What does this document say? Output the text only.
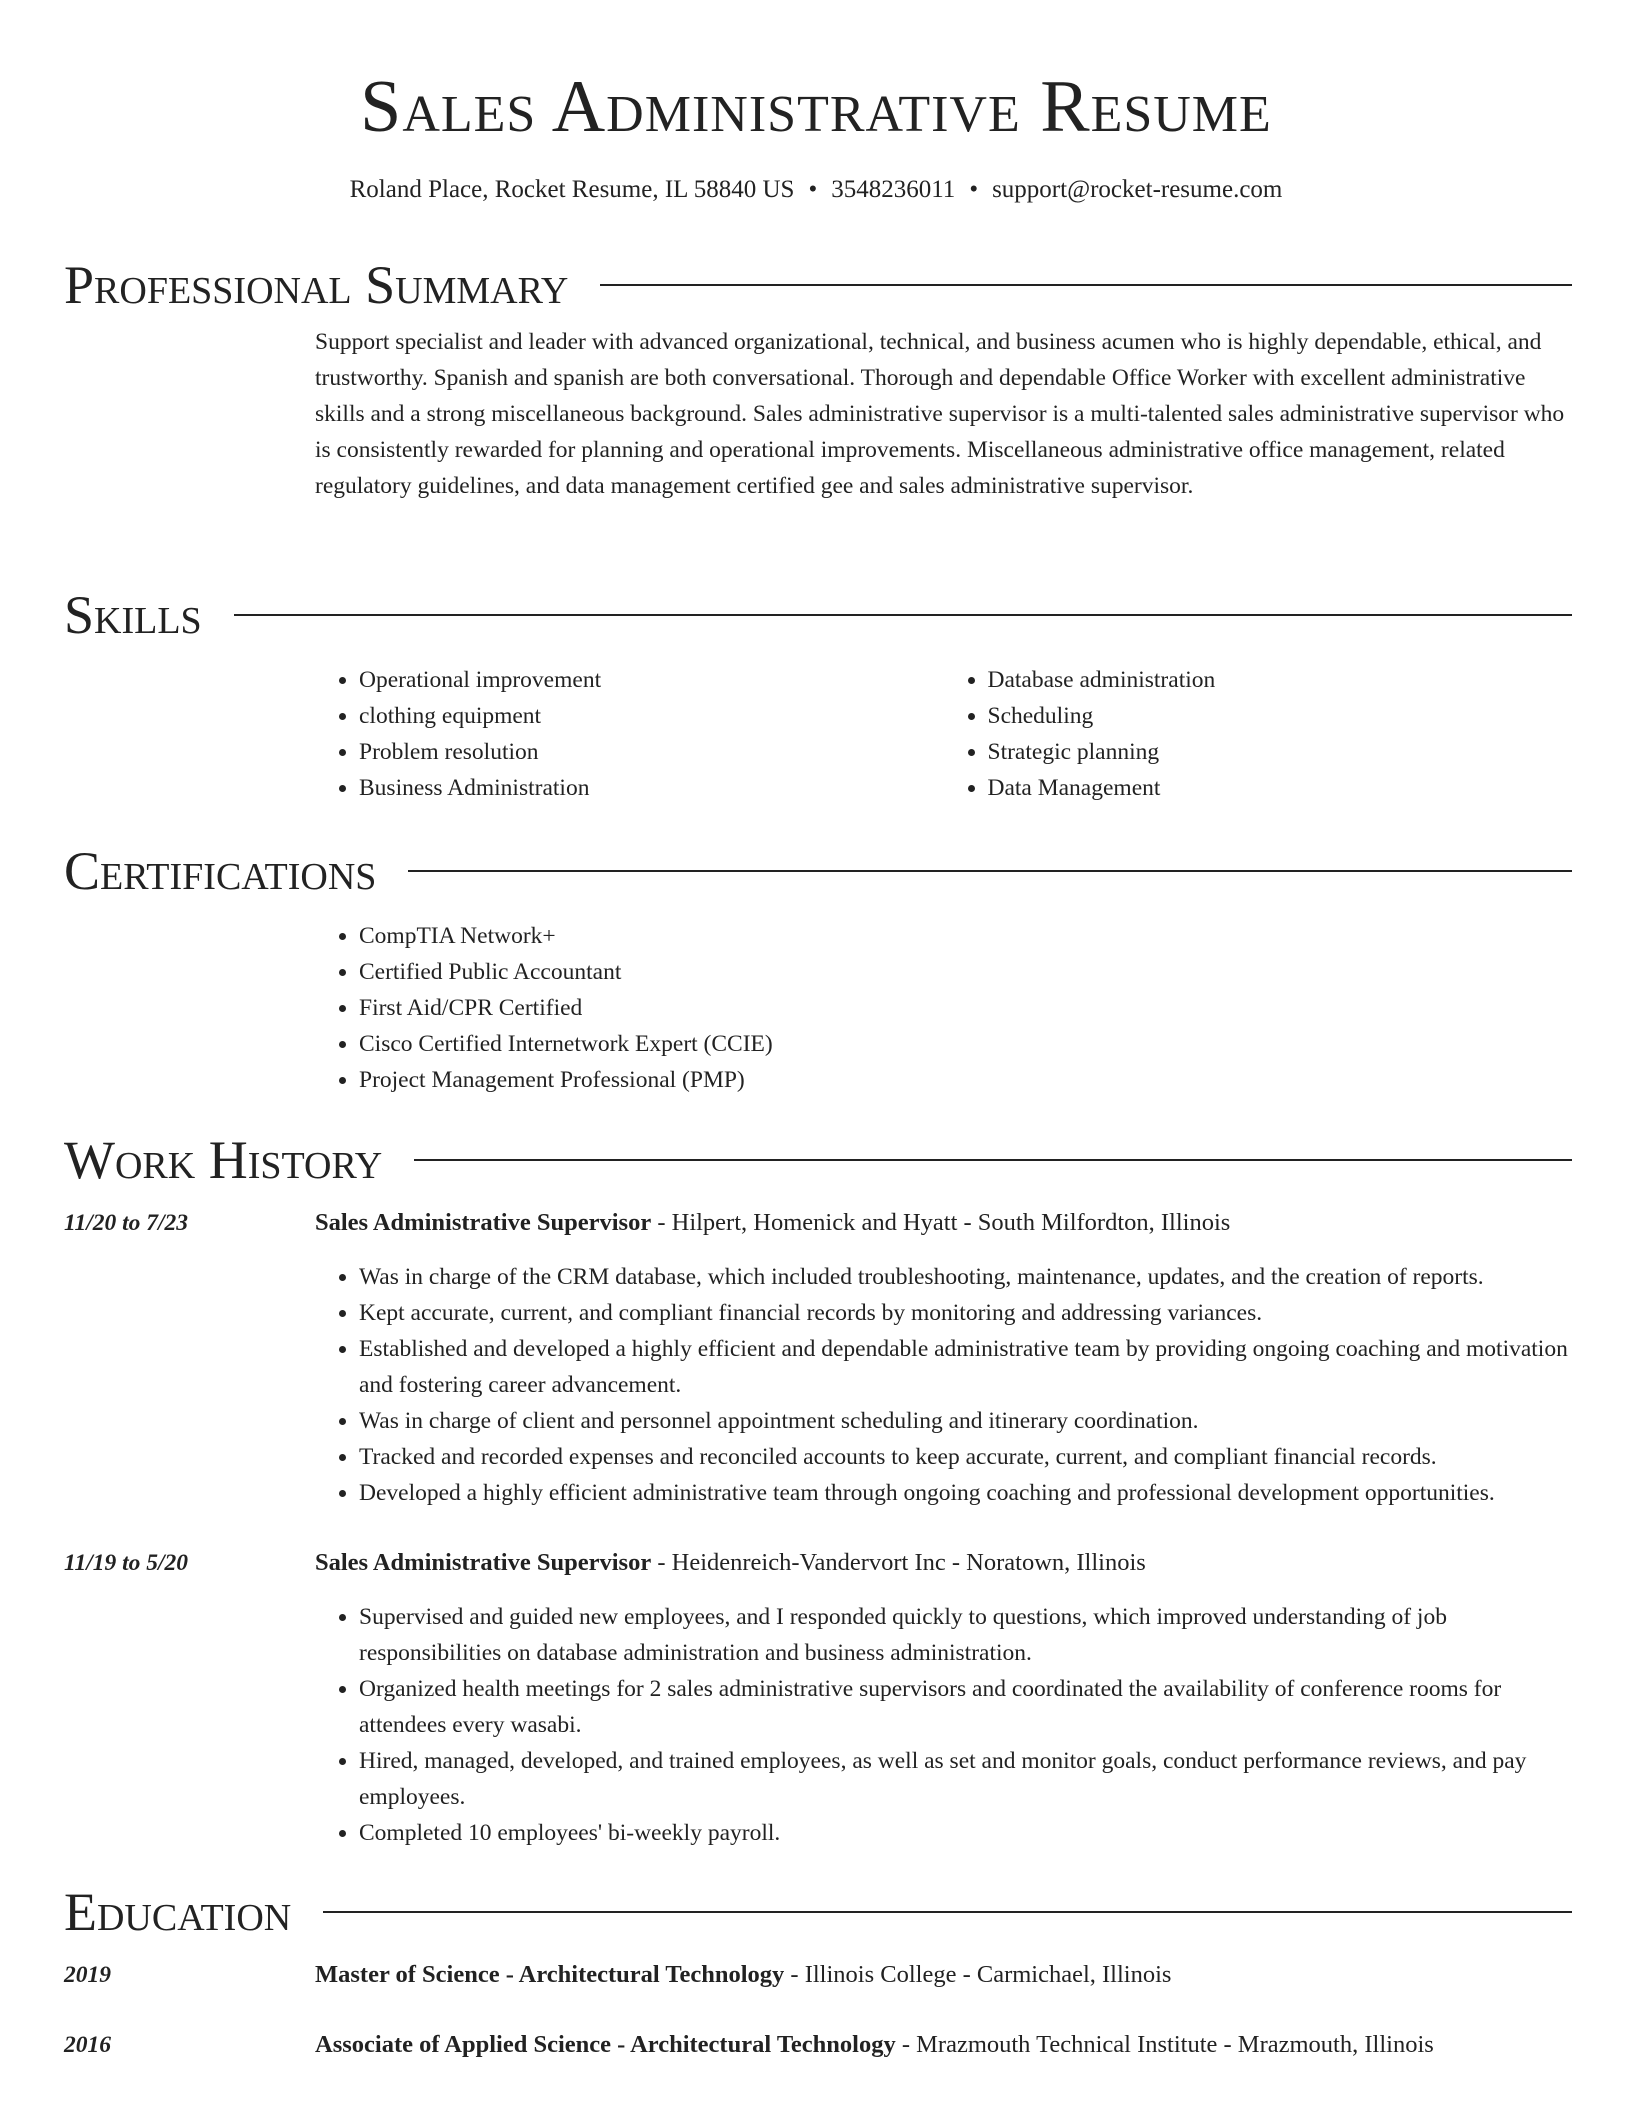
Sales Administrative Resume
Roland Place, Rocket Resume, IL 58840 US • 3548236011 • support@rocket-resume.com
Professional Summary
Support specialist and leader with advanced organizational, technical, and business acumen who is highly dependable, ethical, and trustworthy. Spanish and spanish are both conversational. Thorough and dependable Office Worker with excellent administrative skills and a strong miscellaneous background. Sales administrative supervisor is a multi-talented sales administrative supervisor who is consistently rewarded for planning and operational improvements. Miscellaneous administrative office management, related regulatory guidelines, and data management certified gee and sales administrative supervisor.
Skills
• Operational improvement
• clothing equipment
• Problem resolution
• Business Administration
• Database administration
• Scheduling
• Strategic planning
• Data Management
Certifications
• CompTIA Network+
• Certified Public Accountant
• First Aid/CPR Certified
• Cisco Certified Internetwork Expert (CCIE)
• Project Management Professional (PMP)
Work History
11/20 to 7/23	Sales Administrative Supervisor - Hilpert, Homenick and Hyatt - South Milfordton, Illinois
• Was in charge of the CRM database, which included troubleshooting, maintenance, updates, and the creation of reports.
• Kept accurate, current, and compliant financial records by monitoring and addressing variances.
• Established and developed a highly efficient and dependable administrative team by providing ongoing coaching and motivation and fostering career advancement.
• Was in charge of client and personnel appointment scheduling and itinerary coordination.
• Tracked and recorded expenses and reconciled accounts to keep accurate, current, and compliant financial records.
• Developed a highly efficient administrative team through ongoing coaching and professional development opportunities.
11/19 to 5/20	Sales Administrative Supervisor - Heidenreich-Vandervort Inc - Noratown, Illinois
• Supervised and guided new employees, and I responded quickly to questions, which improved understanding of job responsibilities on database administration and business administration.
• Organized health meetings for 2 sales administrative supervisors and coordinated the availability of conference rooms for attendees every wasabi.
• Hired, managed, developed, and trained employees, as well as set and monitor goals, conduct performance reviews, and pay employees.
• Completed 10 employees' bi-weekly payroll.
Education
2019	Master of Science - Architectural Technology - Illinois College - Carmichael, Illinois
2016	Associate of Applied Science - Architectural Technology - Mrazmouth Technical Institute - Mrazmouth, Illinois
